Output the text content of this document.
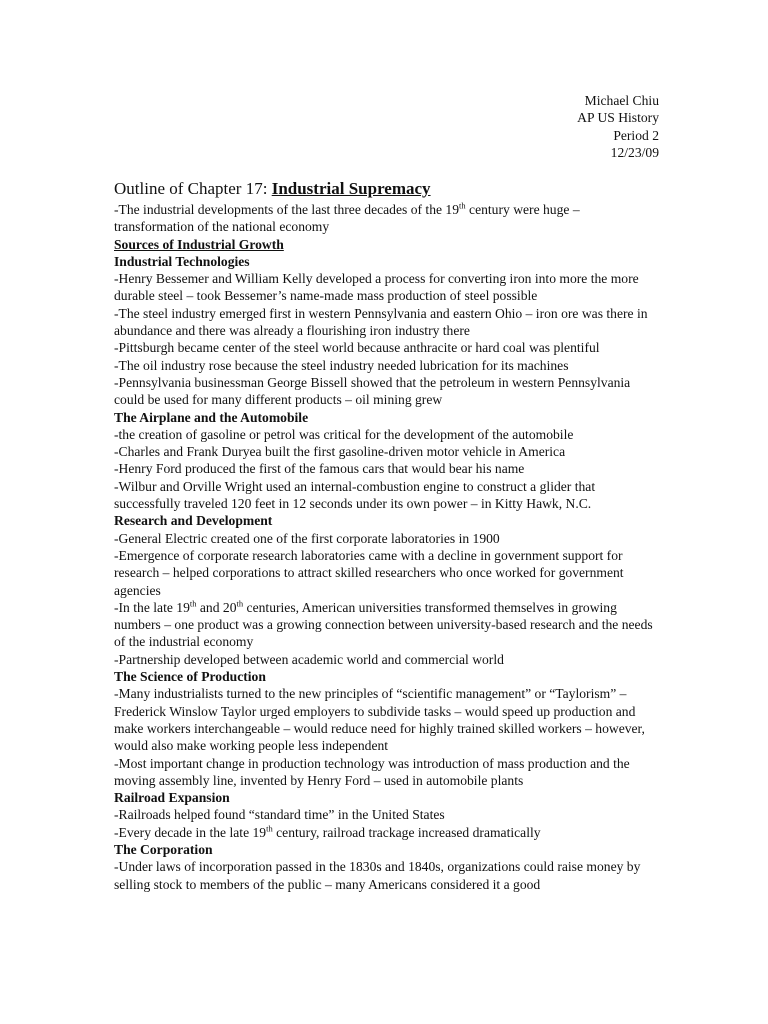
Michael Chiu
AP US History
Period 2
12/23/09
Outline of Chapter 17: Industrial Supremacy

-The industrial developments of the last three decades of the 19th century were huge – transformation of the national economy

Sources of Industrial Growth

Industrial Technologies

-Henry Bessemer and William Kelly developed a process for converting iron into more the more durable steel – took Bessemer’s name-made mass production of steel possible

-The steel industry emerged first in western Pennsylvania and eastern Ohio – iron ore was there in abundance and there was already a flourishing iron industry there

-Pittsburgh became center of the steel world because anthracite or hard coal was plentiful

-The oil industry rose because the steel industry needed lubrication for its machines

-Pennsylvania businessman George Bissell showed that the petroleum in western Pennsylvania could be used for many different products – oil mining grew

The Airplane and the Automobile

-the creation of gasoline or petrol was critical for the development of the automobile

-Charles and Frank Duryea built the first gasoline-driven motor vehicle in America

-Henry Ford produced the first of the famous cars that would bear his name

-Wilbur and Orville Wright used an internal-combustion engine to construct a glider that successfully traveled 120 feet in 12 seconds under its own power – in Kitty Hawk, N.C.

Research and Development

-General Electric created one of the first corporate laboratories in 1900

-Emergence of corporate research laboratories came with a decline in government support for research – helped corporations to attract skilled researchers who once worked for government agencies

-In the late 19th and 20th centuries, American universities transformed themselves in growing numbers – one product was a growing connection between university-based research and the needs of the industrial economy

-Partnership developed between academic world and commercial world

The Science of Production

-Many industrialists turned to the new principles of “scientific management” or “Taylorism” – Frederick Winslow Taylor urged employers to subdivide tasks – would speed up production and make workers interchangeable – would reduce need for highly trained skilled workers – however, would also make working people less independent

-Most important change in production technology was introduction of mass production and the moving assembly line, invented by Henry Ford – used in automobile plants

Railroad Expansion

-Railroads helped found “standard time” in the United States

-Every decade in the late 19th century, railroad trackage increased dramatically

The Corporation

-Under laws of incorporation passed in the 1830s and 1840s, organizations could raise money by selling stock to members of the public – many Americans considered it a good
